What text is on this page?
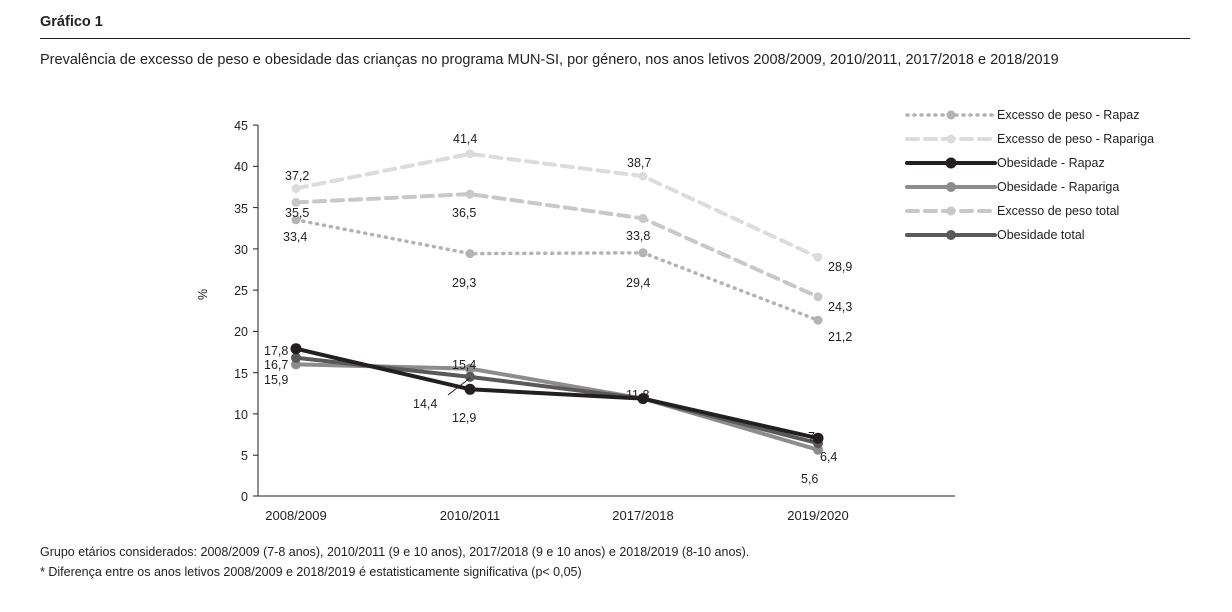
Gráfico 1
Prevalência de excesso de peso e obesidade das crianças no programa MUN-SI, por género, nos anos letivos 2008/2009, 2010/2011, 2017/2018 e 2018/2019
%
45
40
35
30
25
20
15
10
5
0
2008/2009	2010/2011	2017/2018	2019/2020
37,2
35,5
33,4
41,4
36,5
29,3
38,7
33,8
29,4
28,9
24,3
21,2
17,8
16,7
15,9
15,4
14,4
12,9
11,8
7
6,4
5,6
Excesso de peso - Rapaz
Excesso de peso - Rapariga
Obesidade - Rapaz
Obesidade - Rapariga
Excesso de peso total
Obesidade total
Grupo etários considerados: 2008/2009 (7-8 anos), 2010/2011 (9 e 10 anos), 2017/2018 (9 e 10 anos) e 2018/2019 (8-10 anos).
* Diferença entre os anos letivos 2008/2009 e 2018/2019 é estatisticamente significativa (p< 0,05)
